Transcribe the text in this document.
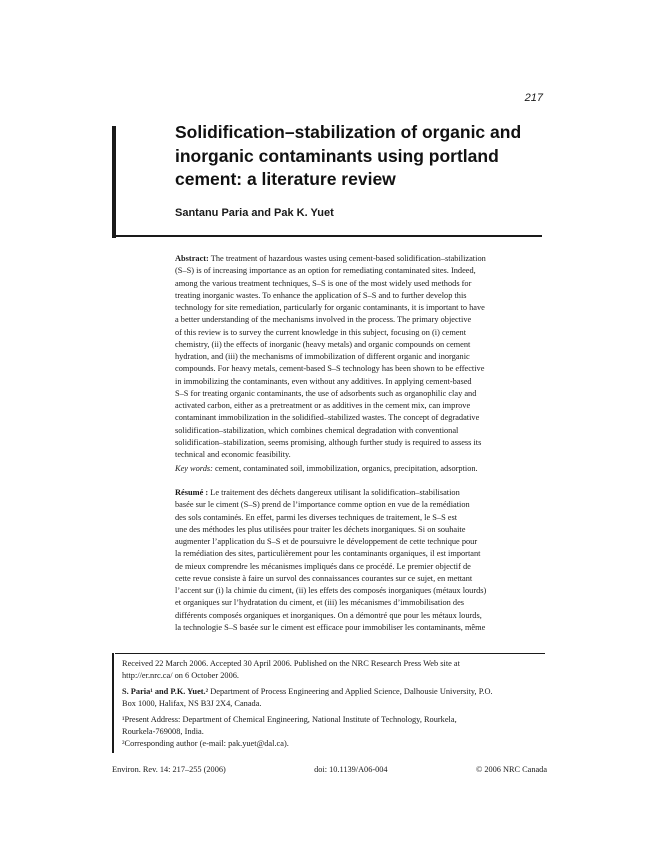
217
Solidification–stabilization of organic and inorganic contaminants using portland cement: a literature review

Santanu Paria and Pak K. Yuet

Abstract: The treatment of hazardous wastes using cement-based solidification–stabilization
(S–S) is of increasing importance as an option for remediating contaminated sites. Indeed,
among the various treatment techniques, S–S is one of the most widely used methods for
treating inorganic wastes. To enhance the application of S–S and to further develop this
technology for site remediation, particularly for organic contaminants, it is important to have
a better understanding of the mechanisms involved in the process. The primary objective
of this review is to survey the current knowledge in this subject, focusing on (i) cement
chemistry, (ii) the effects of inorganic (heavy metals) and organic compounds on cement
hydration, and (iii) the mechanisms of immobilization of different organic and inorganic
compounds. For heavy metals, cement-based S–S technology has been shown to be effective
in immobilizing the contaminants, even without any additives. In applying cement-based
S–S for treating organic contaminants, the use of adsorbents such as organophilic clay and
activated carbon, either as a pretreatment or as additives in the cement mix, can improve
contaminant immobilization in the solidified–stabilized wastes. The concept of degradative
solidification–stabilization, which combines chemical degradation with conventional
solidification–stabilization, seems promising, although further study is required to assess its
technical and economic feasibility.

Key words: cement, contaminated soil, immobilization, organics, precipitation, adsorption.

Résumé : Le traitement des déchets dangereux utilisant la solidification–stabilisation
basée sur le ciment (S–S) prend de l’importance comme option en vue de la remédiation
des sols contaminés. En effet, parmi les diverses techniques de traitement, le S–S est
une des méthodes les plus utilisées pour traiter les déchets inorganiques. Si on souhaite
augmenter l’application du S–S et de poursuivre le développement de cette technique pour
la remédiation des sites, particulièrement pour les contaminants organiques, il est important
de mieux comprendre les mécanismes impliqués dans ce procédé. Le premier objectif de
cette revue consiste à faire un survol des connaissances courantes sur ce sujet, en mettant
l’accent sur (i) la chimie du ciment, (ii) les effets des composés inorganiques (métaux lourds)
et organiques sur l’hydratation du ciment, et (iii) les mécanismes d’immobilisation des
différents composés organiques et inorganiques. On a démontré que pour les métaux lourds,
la technologie S–S basée sur le ciment est efficace pour immobiliser les contaminants, même
Received 22 March 2006. Accepted 30 April 2006. Published on the NRC Research Press Web site at
http://er.nrc.ca/ on 6 October 2006.
S. Paria¹ and P.K. Yuet.² Department of Process Engineering and Applied Science, Dalhousie University, P.O.
Box 1000, Halifax, NS B3J 2X4, Canada.
¹Present Address: Department of Chemical Engineering, National Institute of Technology, Rourkela,
Rourkela-769008, India.
²Corresponding author (e-mail: pak.yuet@dal.ca).
Environ. Rev. 14: 217–255 (2006)	doi: 10.1139/A06-004	© 2006 NRC Canada
